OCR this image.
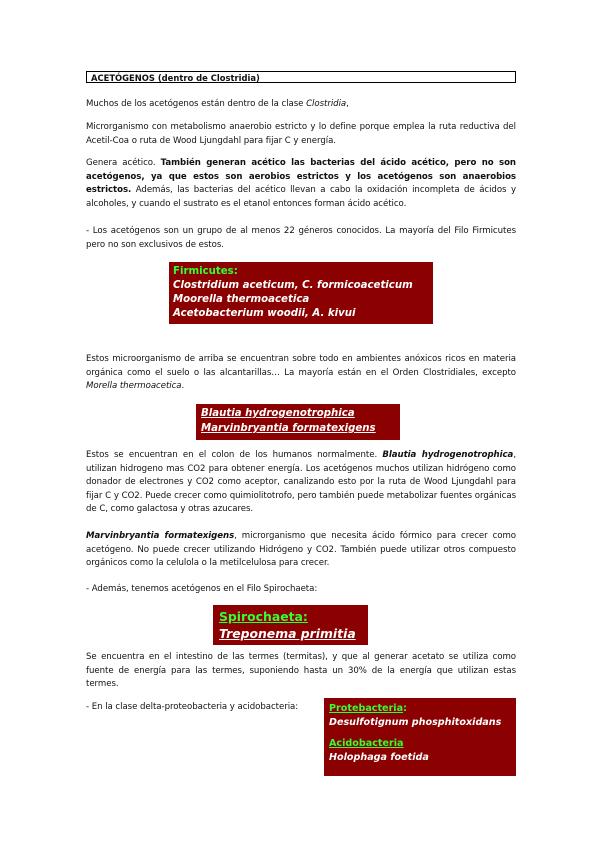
ACETÓGENOS (dentro de Clostridia)

Muchos de los acetógenos están dentro de la clase Clostridia,

Microrganismo con metabolismo anaerobio estricto y lo define porque emplea la ruta reductiva del Acetil-Coa o ruta de Wood Ljungdahl para fijar C y energía.

Genera acético. También generan acético las bacterias del ácido acético, pero no son acetógenos, ya que estos son aerobios estrictos y los acetógenos son anaerobios estrictos. Además, las bacterias del acético llevan a cabo la oxidación incompleta de ácidos y alcoholes, y cuando el sustrato es el etanol entonces forman ácido acético.

- Los acetógenos son un grupo de al menos 22 géneros conocidos. La mayoría del Filo Firmicutes pero no son exclusivos de estos.

Firmicutes:
Clostridium aceticum, C. formicoaceticum
Moorella thermoacetica
Acetobacterium woodii, A. kivui

Estos microorganismo de arriba se encuentran sobre todo en ambientes anóxicos ricos en materia orgánica como el suelo o las alcantarillas… La mayoría están en el Orden Clostridiales, excepto Morella thermoacetica.

Blautia hydrogenotrophica
Marvinbryantia formatexigens

Estos se encuentran en el colon de los humanos normalmente. Blautia hydrogenotrophica, utilizan hidrogeno mas CO2 para obtener energía. Los acetógenos muchos utilizan hidrógeno como donador de electrones y CO2 como aceptor, canalizando esto por la ruta de Wood Ljungdahl para fijar C y CO2. Puede crecer como quimiolitotrofo, pero también puede metabolizar fuentes orgánicas de C, como galactosa y otras azucares.

Marvinbryantia formatexigens, microrganismo que necesita ácido fórmico para crecer como acetógeno. No puede crecer utilizando Hidrógeno y CO2. También puede utilizar otros compuesto orgánicos como la celulola o la metilcelulosa para crecer.

- Además, tenemos acetógenos en el Filo Spirochaeta:

Spirochaeta:
Treponema primitia

Se encuentra en el intestino de las termes (termitas), y que al generar acetato se utiliza como fuente de energía para las termes, suponiendo hasta un 30% de la energía que utilizan estas termes.

- En la clase delta-proteobacteria y acidobacteria:	Protebacteria:
Desulfotignum phosphitoxidans
Acidobacteria
Holophaga foetida
